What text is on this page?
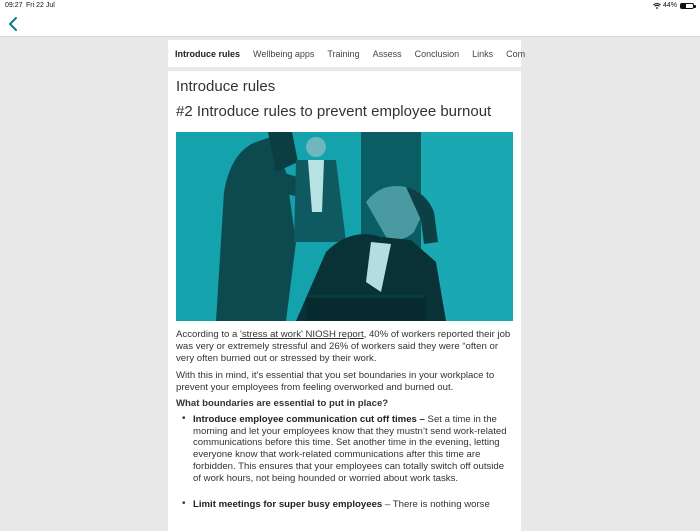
09:27 Fri 22 Jul	44%
Introduce rules	Wellbeing apps	Training	Assess	Conclusion	Links	Com
Introduce rules
#2 Introduce rules to prevent employee burnout

According to a 'stress at work' NIOSH report, 40% of workers reported their job was very or extremely stressful and 26% of workers said they were “often or very often burned out or stressed by their work.

With this in mind, it’s essential that you set boundaries in your workplace to prevent your employees from feeling overworked and burned out.

What boundaries are essential to put in place?

• Introduce employee communication cut off times – Set a time in the morning and let your employees know that they mustn’t send work-related communications before this time. Set another time in the evening, letting everyone know that work-related communications after this time are forbidden. This ensures that your employees can totally switch off outside of work hours, not being hounded or worried about work tasks.
• Limit meetings for super busy employees – There is nothing worse
